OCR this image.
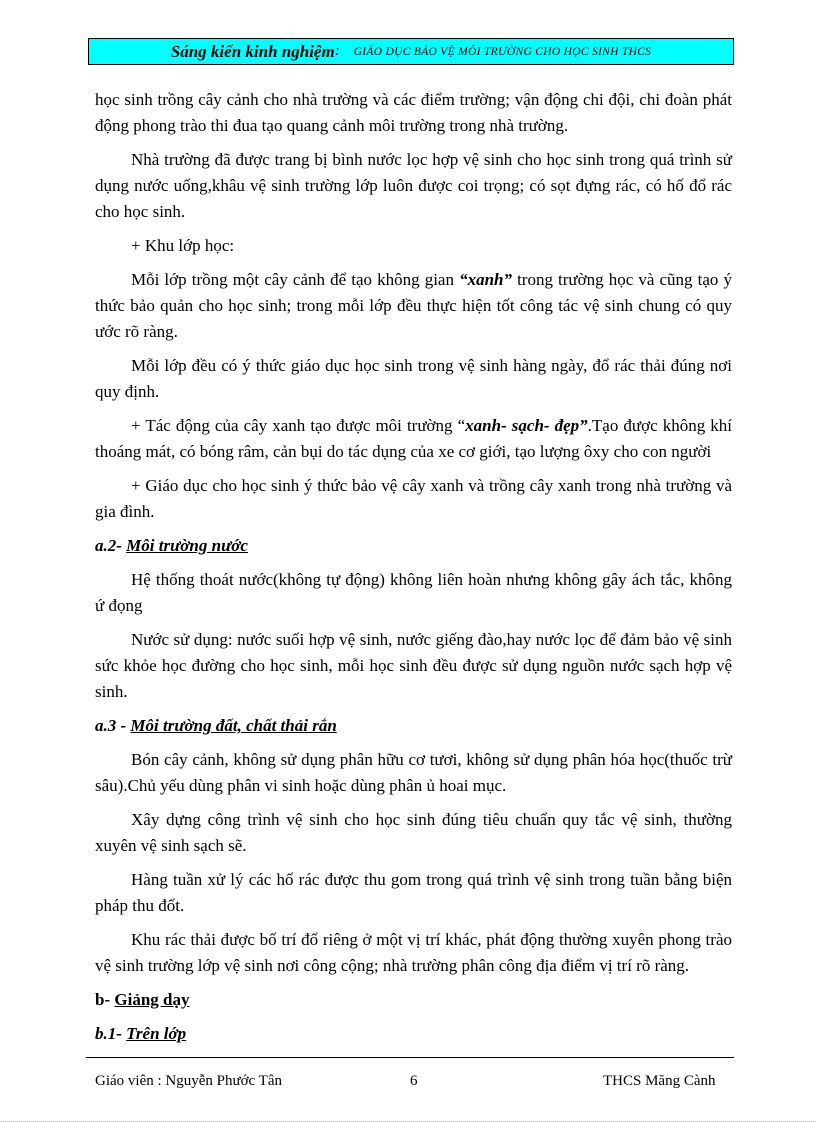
Sáng kiến kinh nghiệm : GIÁO DỤC BẢO VỆ MÔI TRƯỜNG CHO HỌC SINH THCS

học sinh trồng cây cảnh cho nhà trường và các điểm trường; vận động chi đội, chi đoàn phát động phong trào thi đua tạo quang cảnh môi trường trong nhà trường.

Nhà trường đã được trang bị bình nước lọc hợp vệ sinh cho học sinh trong quá trình sử dụng nước uống,khâu vệ sinh trường lớp luôn được coi trọng; có sọt đựng rác, có hố đổ rác cho học sinh.

+ Khu lớp học:

Mỗi lớp trồng một cây cảnh để tạo không gian “xanh” trong trường học và cũng tạo ý thức bảo quản cho học sinh; trong mỗi lớp đều thực hiện tốt công tác vệ sinh chung có quy ước rõ ràng.

Mỗi lớp đều có ý thức giáo dục học sinh trong vệ sinh hàng ngày, đổ rác thải đúng nơi quy định.

+ Tác động của cây xanh tạo được môi trường “xanh- sạch- đẹp”.Tạo được không khí thoáng mát, có bóng râm, cản bụi do tác dụng của xe cơ giới, tạo lượng ôxy cho con người

+ Giáo dục cho học sinh ý thức bảo vệ cây xanh và trồng cây xanh trong nhà trường và gia đình.

a.2- Môi trường nước

Hệ thống thoát nước(không tự động) không liên hoàn nhưng không gây ách tắc, không ứ đọng

Nước sử dụng: nước suối hợp vệ sinh, nước giếng đào,hay nước lọc để đảm bảo vệ sinh sức khỏe học đường cho học sinh, mỗi học sinh đều được sử dụng nguồn nước sạch hợp vệ sinh.

a.3 - Môi trường đất, chất thải rắn

Bón cây cảnh, không sử dụng phân hữu cơ tươi, không sử dụng phân hóa học(thuốc trừ sâu).Chủ yếu dùng phân vi sinh hoặc dùng phân ủ hoai mục.

Xây dựng công trình vệ sinh cho học sinh đúng tiêu chuẩn quy tắc vệ sinh, thường xuyên vệ sinh sạch sẽ.

Hàng tuần xử lý các hố rác được thu gom trong quá trình vệ sinh trong tuần bằng biện pháp thu đốt.

Khu rác thải được bố trí đổ riêng ở một vị trí khác, phát động thường xuyên phong trào vệ sinh trường lớp vệ sinh nơi công cộng; nhà trường phân công địa điểm vị trí rõ ràng.

b- Giảng dạy

b.1- Trên lớp

Giáo viên : Nguyễn Phước Tân	6	THCS Măng Cành
